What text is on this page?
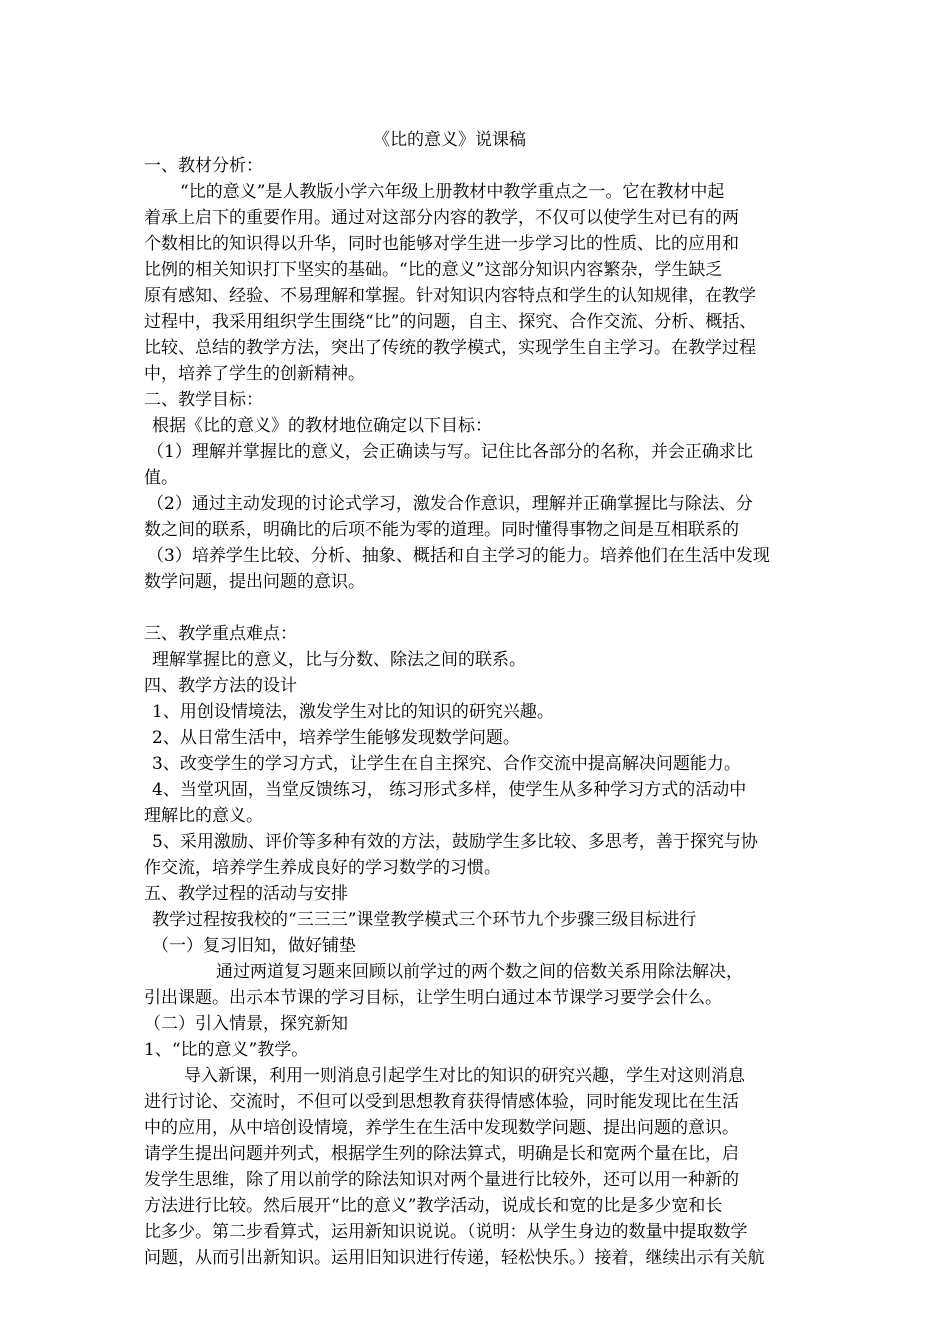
《比的意义》说课稿
一、教材分析：
“比的意义”是人教版小学六年级上册教材中教学重点之一。它在教材中起
着承上启下的重要作用。通过对这部分内容的教学，不仅可以使学生对已有的两
个数相比的知识得以升华，同时也能够对学生进一步学习比的性质、比的应用和
比例的相关知识打下坚实的基础。“比的意义”这部分知识内容繁杂，学生缺乏
原有感知、经验、不易理解和掌握。针对知识内容特点和学生的认知规律，在教学
过程中，我采用组织学生围绕“比”的问题，自主、探究、合作交流、分析、概括、
比较、总结的教学方法，突出了传统的教学模式，实现学生自主学习。在教学过程
中，培养了学生的创新精神。
二、教学目标：
根据《比的意义》的教材地位确定以下目标：
（1）理解并掌握比的意义，会正确读与写。记住比各部分的名称，并会正确求比
值。
（2）通过主动发现的讨论式学习，激发合作意识，理解并正确掌握比与除法、分
数之间的联系，明确比的后项不能为零的道理。同时懂得事物之间是互相联系的
（3）培养学生比较、分析、抽象、概括和自主学习的能力。培养他们在生活中发现
数学问题，提出问题的意识。
三、教学重点难点：
理解掌握比的意义，比与分数、除法之间的联系。
四、教学方法的设计
1、用创设情境法，激发学生对比的知识的研究兴趣。
2、从日常生活中，培养学生能够发现数学问题。
3、改变学生的学习方式，让学生在自主探究、合作交流中提高解决问题能力。
4、当堂巩固，当堂反馈练习， 练习形式多样，使学生从多种学习方式的活动中
理解比的意义。
5、采用激励、评价等多种有效的方法，鼓励学生多比较、多思考，善于探究与协
作交流，培养学生养成良好的学习数学的习惯。
五、教学过程的活动与安排
教学过程按我校的“三三三”课堂教学模式三个环节九个步骤三级目标进行
（一）复习旧知，做好铺垫
通过两道复习题来回顾以前学过的两个数之间的倍数关系用除法解决，
引出课题。出示本节课的学习目标，让学生明白通过本节课学习要学会什么。
（二）引入情景，探究新知
1、“比的意义”教学。
导入新课，利用一则消息引起学生对比的知识的研究兴趣，学生对这则消息
进行讨论、交流时，不但可以受到思想教育获得情感体验，同时能发现比在生活
中的应用，从中培创设情境，养学生在生活中发现数学问题、提出问题的意识。
请学生提出问题并列式，根据学生列的除法算式，明确是长和宽两个量在比，启
发学生思维，除了用以前学的除法知识对两个量进行比较外，还可以用一种新的
方法进行比较。然后展开“比的意义”教学活动，说成长和宽的比是多少宽和长
比多少。第二步看算式，运用新知识说说。（说明：从学生身边的数量中提取数学
问题，从而引出新知识。运用旧知识进行传递，轻松快乐。）接着，继续出示有关航
